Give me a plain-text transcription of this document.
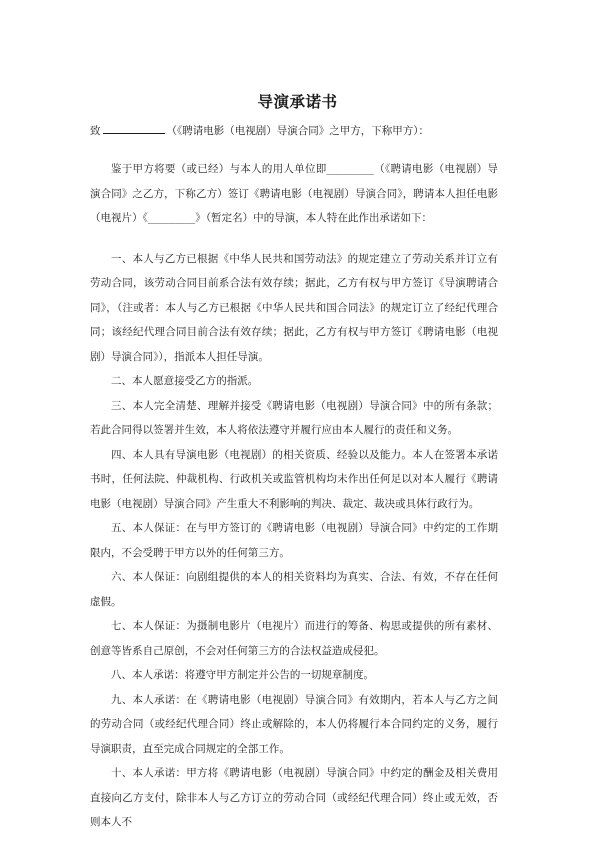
导演承诺书
致	（《聘请电影（电视剧）导演合同》之甲方，下称甲方）：

鉴于甲方将要（或已经）与本人的用人单位即_________（《聘请电影（电视剧）导演合同》之乙方，下称乙方）签订《聘请电影（电视剧）导演合同》，聘请本人担任电影（电视片）《_________》（暂定名）中的导演，本人特在此作出承诺如下：

一、本人与乙方已根据《中华人民共和国劳动法》的规定建立了劳动关系并订立有劳动合同，该劳动合同目前系合法有效存续；据此，乙方有权与甲方签订《导演聘请合同》，（注或者：本人与乙方已根据《中华人民共和国合同法》的规定订立了经纪代理合同；该经纪代理合同目前合法有效存续；据此，乙方有权与甲方签订《聘请电影（电视剧）导演合同》），指派本人担任导演。

二、本人愿意接受乙方的指派。

三、本人完全清楚、理解并接受《聘请电影（电视剧）导演合同》中的所有条款；若此合同得以签署并生效，本人将依法遵守并履行应由本人履行的责任和义务。

四、本人具有导演电影（电视剧）的相关资质、经验以及能力。本人在签署本承诺书时，任何法院、仲裁机构、行政机关或监管机构均未作出任何足以对本人履行《聘请电影（电视剧）导演合同》产生重大不利影响的判决、裁定、裁决或具体行政行为。

五、本人保证：在与甲方签订的《聘请电影（电视剧）导演合同》中约定的工作期限内，不会受聘于甲方以外的任何第三方。

六、本人保证：向剧组提供的本人的相关资料均为真实、合法、有效，不存在任何虚假。

七、本人保证：为摄制电影片（电视片）而进行的筹备、构思或提供的所有素材、创意等皆系自己原创，不会对任何第三方的合法权益造成侵犯。

八、本人承诺：将遵守甲方制定并公告的一切规章制度。

九、本人承诺：在《聘请电影（电视剧）导演合同》有效期内，若本人与乙方之间的劳动合同（或经纪代理合同）终止或解除的，本人仍将履行本合同约定的义务，履行导演职责，直至完成合同规定的全部工作。

十、本人承诺：甲方将《聘请电影（电视剧）导演合同》中约定的酬金及相关费用直接向乙方支付，除非本人与乙方订立的劳动合同（或经纪代理合同）终止或无效，否则本人不
